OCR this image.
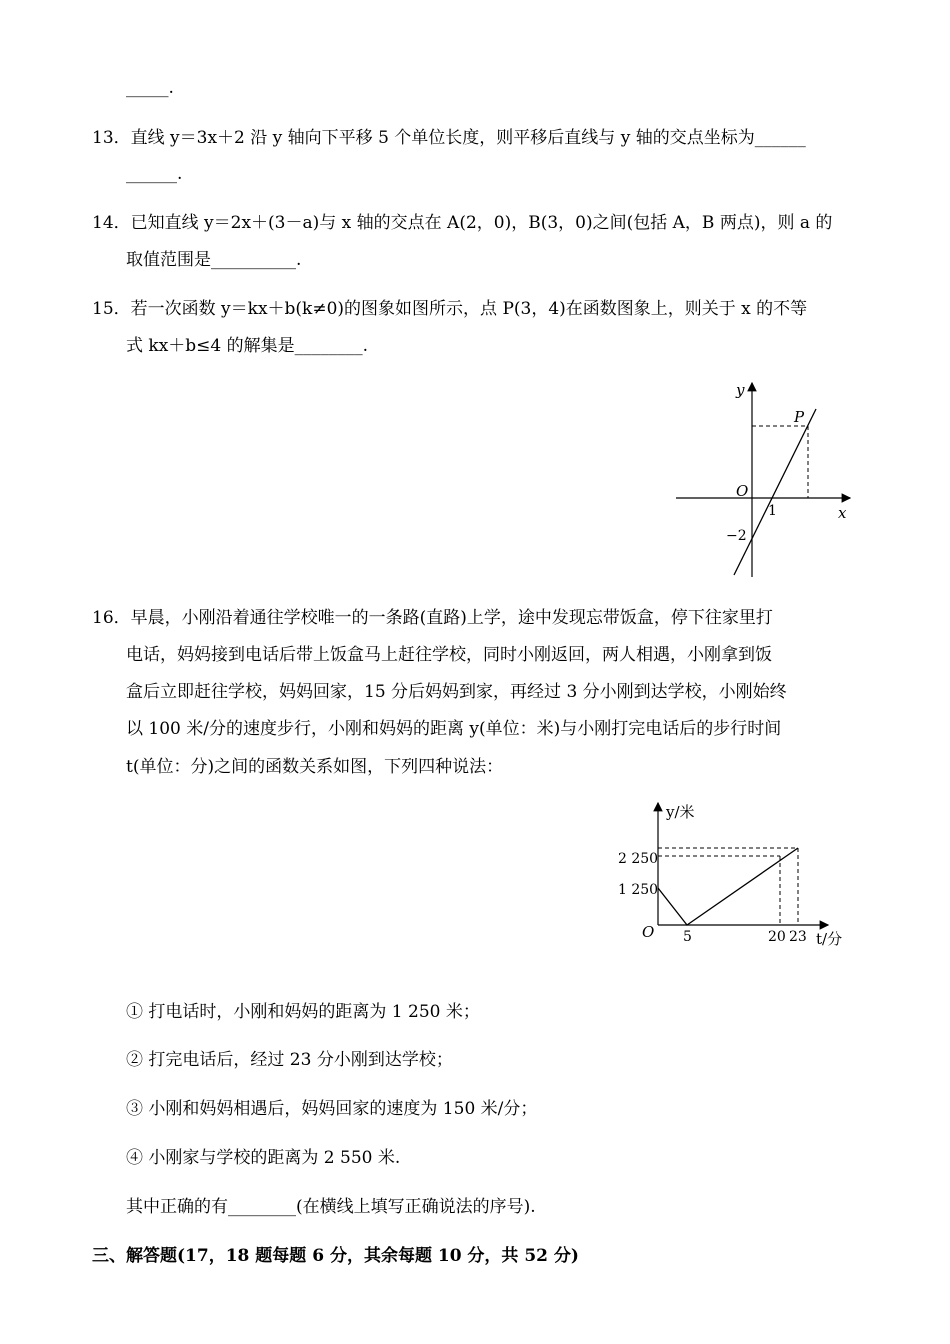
_____.
13．直线 y＝3x＋2 沿 y 轴向下平移 5 个单位长度，则平移后直线与 y 轴的交点坐标为______
______.
14．已知直线 y＝2x＋(3－a)与 x 轴的交点在 A(2，0)，B(3，0)之间(包括 A，B 两点)，则 a 的
取值范围是__________.
15．若一次函数 y＝kx＋b(k≠0)的图象如图所示，点 P(3，4)在函数图象上，则关于 x 的不等
式 kx＋b≤4 的解集是________.
y
x
O
P
1
−2
16．早晨，小刚沿着通往学校唯一的一条路(直路)上学，途中发现忘带饭盒，停下往家里打
电话，妈妈接到电话后带上饭盒马上赶往学校，同时小刚返回，两人相遇，小刚拿到饭
盒后立即赶往学校，妈妈回家，15 分后妈妈到家，再经过 3 分小刚到达学校，小刚始终
以 100 米/分的速度步行，小刚和妈妈的距离 y(单位：米)与小刚打完电话后的步行时间
t(单位：分)之间的函数关系如图，下列四种说法：
y/米
t/分
O
2 250
1 250
5	20 23
① 打电话时，小刚和妈妈的距离为 1 250 米；
② 打完电话后，经过 23 分小刚到达学校；
③ 小刚和妈妈相遇后，妈妈回家的速度为 150 米/分；
④ 小刚家与学校的距离为 2 550 米.
其中正确的有________(在横线上填写正确说法的序号).
三、解答题(17，18 题每题 6 分，其余每题 10 分，共 52 分)
